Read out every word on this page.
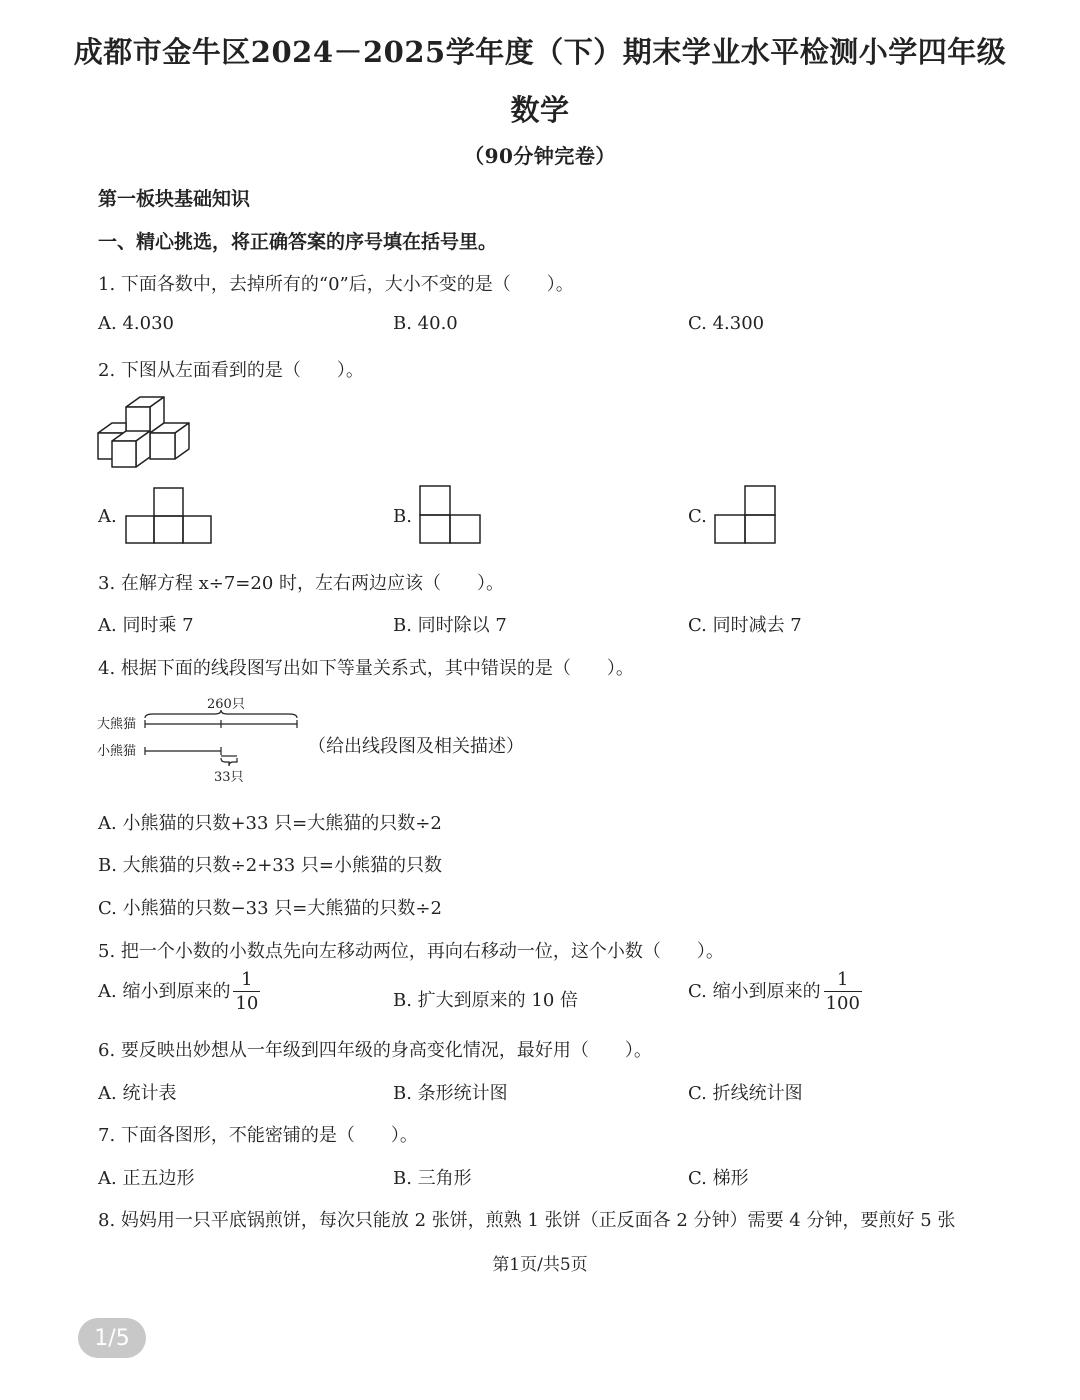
成都市金牛区2024－2025学年度（下）期末学业水平检测小学四年级
数学
（90分钟完卷）
第一板块基础知识
一、精心挑选，将正确答案的序号填在括号里。
1. 下面各数中，去掉所有的“0”后，大小不变的是（　　）。
A. 4.030	B. 40.0	C. 4.300
2. 下图从左面看到的是（　　）。
A.	B.	C.
3. 在解方程 x÷7=20 时，左右两边应该（　　）。
A. 同时乘 7	B. 同时除以 7	C. 同时减去 7
4. 根据下面的线段图写出如下等量关系式，其中错误的是（　　）。
260只
大熊猫
小熊猫
33只
（给出线段图及相关描述）
A. 小熊猫的只数+33 只=大熊猫的只数÷2
B. 大熊猫的只数÷2+33 只=小熊猫的只数
C. 小熊猫的只数−33 只=大熊猫的只数÷2
5. 把一个小数的小数点先向左移动两位，再向右移动一位，这个小数（　　）。
A. 缩小到原来的 $\frac{1}{10}$	B. 扩大到原来的 10 倍	C. 缩小到原来的 $\frac{1}{100}$
6. 要反映出妙想从一年级到四年级的身高变化情况，最好用（　　）。
A. 统计表	B. 条形统计图	C. 折线统计图
7. 下面各图形，不能密铺的是（　　）。
A. 正五边形	B. 三角形	C. 梯形
8. 妈妈用一只平底锅煎饼，每次只能放 2 张饼，煎熟 1 张饼（正反面各 2 分钟）需要 4 分钟，要煎好 5 张
第1页/共5页
1/5
